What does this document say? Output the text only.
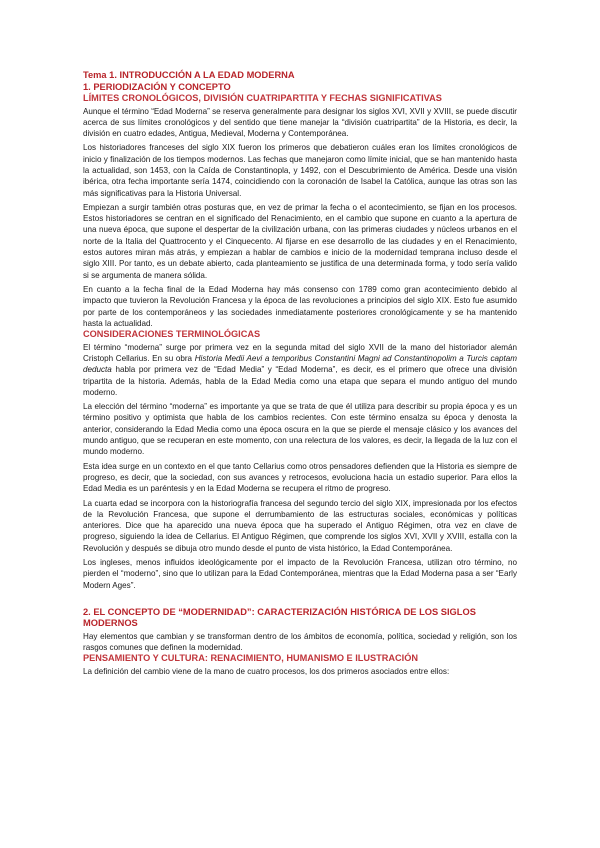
Tema 1. INTRODUCCIÓN A LA EDAD MODERNA
1. PERIODIZACIÓN Y CONCEPTO
LÍMITES CRONOLÓGICOS, DIVISIÓN CUATRIPARTITA Y FECHAS SIGNIFICATIVAS

Aunque el término “Edad Moderna” se reserva generalmente para designar los siglos XVI, XVII y XVIII, se puede discutir acerca de sus límites cronológicos y del sentido que tiene manejar la “división cuatripartita” de la Historia, es decir, la división en cuatro edades, Antigua, Medieval, Moderna y Contemporánea.

Los historiadores franceses del siglo XIX fueron los primeros que debatieron cuáles eran los límites cronológicos de inicio y finalización de los tiempos modernos. Las fechas que manejaron como límite inicial, que se han mantenido hasta la actualidad, son 1453, con la Caída de Constantinopla, y 1492, con el Descubrimiento de América. Desde una visión ibérica, otra fecha importante sería 1474, coincidiendo con la coronación de Isabel la Católica, aunque las otras son las más significativas para la Historia Universal.

Empiezan a surgir también otras posturas que, en vez de primar la fecha o el acontecimiento, se fijan en los procesos. Estos historiadores se centran en el significado del Renacimiento, en el cambio que supone en cuanto a la apertura de una nueva época, que supone el despertar de la civilización urbana, con las primeras ciudades y núcleos urbanos en el norte de la Italia del Quattrocento y el Cinquecento. Al fijarse en ese desarrollo de las ciudades y en el Renacimiento, estos autores miran más atrás, y empiezan a hablar de cambios e inicio de la modernidad temprana incluso desde el siglo XIII. Por tanto, es un debate abierto, cada planteamiento se justifica de una determinada forma, y todo sería valido si se argumenta de manera sólida.

En cuanto a la fecha final de la Edad Moderna hay más consenso con 1789 como gran acontecimiento debido al impacto que tuvieron la Revolución Francesa y la época de las revoluciones a principios del siglo XIX. Esto fue asumido por parte de los contemporáneos y las sociedades inmediatamente posteriores cronológicamente y se ha mantenido hasta la actualidad.

CONSIDERACIONES TERMINOLÓGICAS

El término “moderna” surge por primera vez en la segunda mitad del siglo XVII de la mano del historiador alemán Cristoph Cellarius. En su obra Historia Medii Aevi a temporibus Constantini Magni ad Constantinopolim a Turcis captam deducta habla por primera vez de “Edad Media” y “Edad Moderna”, es decir, es el primero que ofrece una división tripartita de la historia. Además, habla de la Edad Media como una etapa que separa el mundo antiguo del mundo moderno.

La elección del término “moderna” es importante ya que se trata de que él utiliza para describir su propia época y es un término positivo y optimista que habla de los cambios recientes. Con este término ensalza su época y denosta la anterior, considerando la Edad Media como una época oscura en la que se pierde el mensaje clásico y los avances del mundo antiguo, que se recuperan en este momento, con una relectura de los valores, es decir, la llegada de la luz con el mundo moderno.

Esta idea surge en un contexto en el que tanto Cellarius como otros pensadores defienden que la Historia es siempre de progreso, es decir, que la sociedad, con sus avances y retrocesos, evoluciona hacia un estadio superior. Para ellos la Edad Media es un paréntesis y en la Edad Moderna se recupera el ritmo de progreso.

La cuarta edad se incorpora con la historiografía francesa del segundo tercio del siglo XIX, impresionada por los efectos de la Revolución Francesa, que supone el derrumbamiento de las estructuras sociales, económicas y políticas anteriores. Dice que ha aparecido una nueva época que ha superado el Antiguo Régimen, otra vez en clave de progreso, siguiendo la idea de Cellarius. El Antiguo Régimen, que comprende los siglos XVI, XVII y XVIII, estalla con la Revolución y después se dibuja otro mundo desde el punto de vista histórico, la Edad Contemporánea.

Los ingleses, menos influidos ideológicamente por el impacto de la Revolución Francesa, utilizan otro término, no pierden el “moderno”, sino que lo utilizan para la Edad Contemporánea, mientras que la Edad Moderna pasa a ser “Early Modern Ages”.

2. EL CONCEPTO DE “MODERNIDAD”: CARACTERIZACIÓN HISTÓRICA DE LOS SIGLOS MODERNOS

Hay elementos que cambian y se transforman dentro de los ámbitos de economía, política, sociedad y religión, son los rasgos comunes que definen la modernidad.

PENSAMIENTO Y CULTURA: RENACIMIENTO, HUMANISMO E ILUSTRACIÓN

La definición del cambio viene de la mano de cuatro procesos, los dos primeros asociados entre ellos:
